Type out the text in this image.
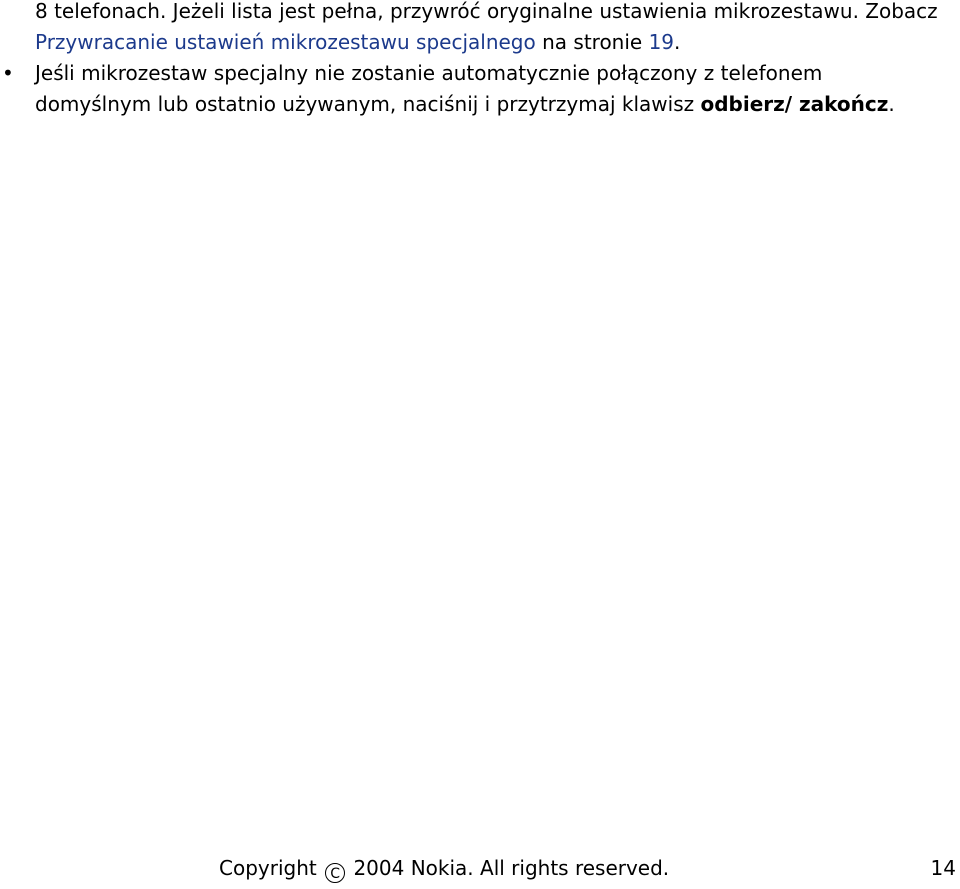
8 telefonach. Jeżeli lista jest pełna, przywróć oryginalne ustawienia mikrozestawu. Zobacz Przywracanie ustawień mikrozestawu specjalnego na stronie 19.

• Jeśli mikrozestaw specjalny nie zostanie automatycznie połączony z telefonem domyślnym lub ostatnio używanym, naciśnij i przytrzymaj klawisz odbierz/ zakończ.

Copyright C 2004 Nokia. All rights reserved.	14
